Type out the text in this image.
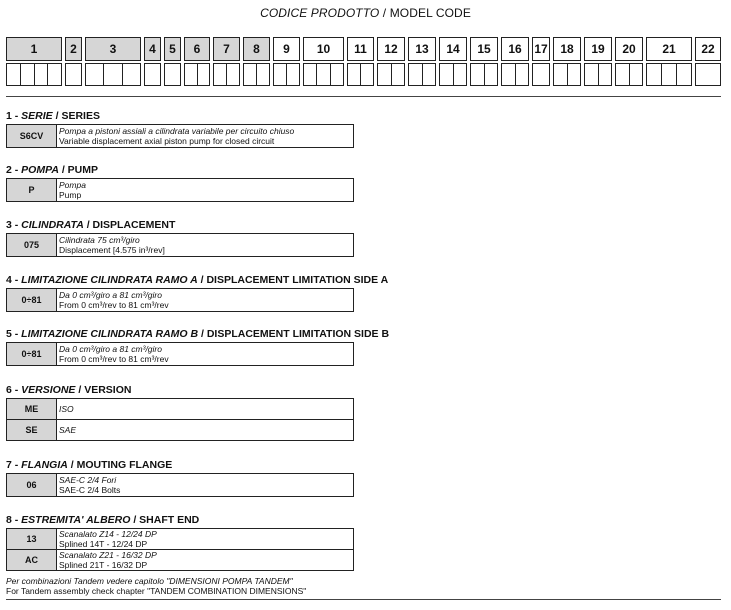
CODICE PRODOTTO / MODEL CODE
1	2	3	4	5	6	7	8	9	10	11	12	13	14	15	16	17	18	19	20	21	22
1 - SERIE / SERIES
S6CV	Pompa a pistoni assiali a cilindrata variabile per circuito chiuso
Variable displacement axial piston pump for closed circuit
2 - POMPA / PUMP
P	Pompa
Pump
3 - CILINDRATA / DISPLACEMENT
075	Cilindrata 75 cm³/giro
Displacement [4.575 in³/rev]
4 - LIMITAZIONE CILINDRATA RAMO A / DISPLACEMENT LIMITATION SIDE A
0÷81	Da 0 cm³/giro a 81 cm³/giro
From 0 cm³/rev to 81 cm³/rev
5 - LIMITAZIONE CILINDRATA RAMO B / DISPLACEMENT LIMITATION SIDE B
0÷81	Da 0 cm³/giro a 81 cm³/giro
From 0 cm³/rev to 81 cm³/rev
6 - VERSIONE / VERSION
ME	ISO
SE	SAE
7 - FLANGIA / MOUTING FLANGE
06	SAE-C 2/4 Fori
SAE-C 2/4 Bolts
8 - ESTREMITA' ALBERO / SHAFT END
13	Scanalato Z14 - 12/24 DP
Splined 14T - 12/24 DP
AC	Scanalato Z21 - 16/32 DP
Splined 21T - 16/32 DP
Per combinazioni Tandem vedere capitolo "DIMENSIONI POMPA TANDEM"
For Tandem assembly check chapter "TANDEM COMBINATION DIMENSIONS"
